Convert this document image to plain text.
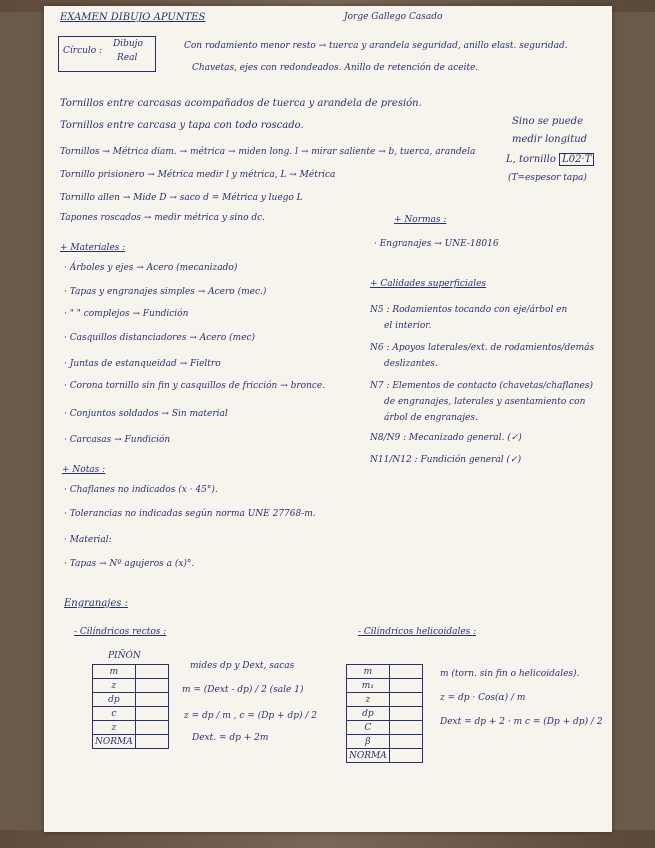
EXAMEN DIBUJO APUNTES	Jorge Gallego Casado
Círculo :
Dibujo
Real
Con rodamiento menor resto → tuerca y arandela seguridad, anillo elast. seguridad.
Chavetas, ejes con redondeados. Anillo de retención de aceite.
Tornillos entre carcasas acompañados de tuerca y arandela de presión.
Tornillos entre carcasa y tapa con todo roscado.
Tornillos → Métrica diam. → métrica → miden long. l → mirar saliente → b, tuerca, arandela
Tornillo prisionero → Métrica medir l y métrica, L → Métrica
Tornillo allen → Mide D → saco d = Métrica y luego L
Tapones roscados → medir métrica y sino dc.
Sino se puede
medir longitud
L, tornillo L02·T
(T=espesor tapa)
+ Normas :
· Engranajes → UNE-18016
+ Materiales :
· Árboles y ejes → Acero (mecanizado)
· Tapas y engranajes simples → Acero (mec.)
· " " complejos → Fundición
· Casquillos distanciadores → Acero (mec)
· Juntas de estanqueidad → Fieltro
· Corona tornillo sin fin y casquillos de fricción → bronce.
· Conjuntos soldados → Sin material
· Carcasas → Fundición
+ Calidades superficiales
N5 : Rodamientos tocando con eje/árbol en
el interior.
N6 : Apoyos laterales/ext. de rodamientos/demás
deslizantes.
N7 : Elementos de contacto (chavetas/chaflanes)
de engranajes, laterales y asentamiento con
árbol de engranajes.
N8/N9 : Mecanizado general. (✓)
N11/N12 : Fundición general (✓)
+ Notas :
· Chaflanes no indicados (x · 45°).
· Tolerancias no indicadas según norma UNE 27768-m.
· Material:
· Tapas → Nº agujeros a (x)°.
Engranajes :
- Cilíndricos rectos :	- Cilíndricos helicoidales :
PIÑÓN
m	
z	
dp	
c	
z	
NORMA	
mides dp y Dext, sacas
m = (Dext - dp) / 2 (sale 1)
z = dp / m , c = (Dp + dp) / 2
Dext. = dp + 2m
m	
m₁	
z	
dp	
C	
β	
NORMA	
m (torn. sin fin o helicoidales).
z = dp · Cos(α) / m
Dext = dp + 2 · m c = (Dp + dp) / 2
